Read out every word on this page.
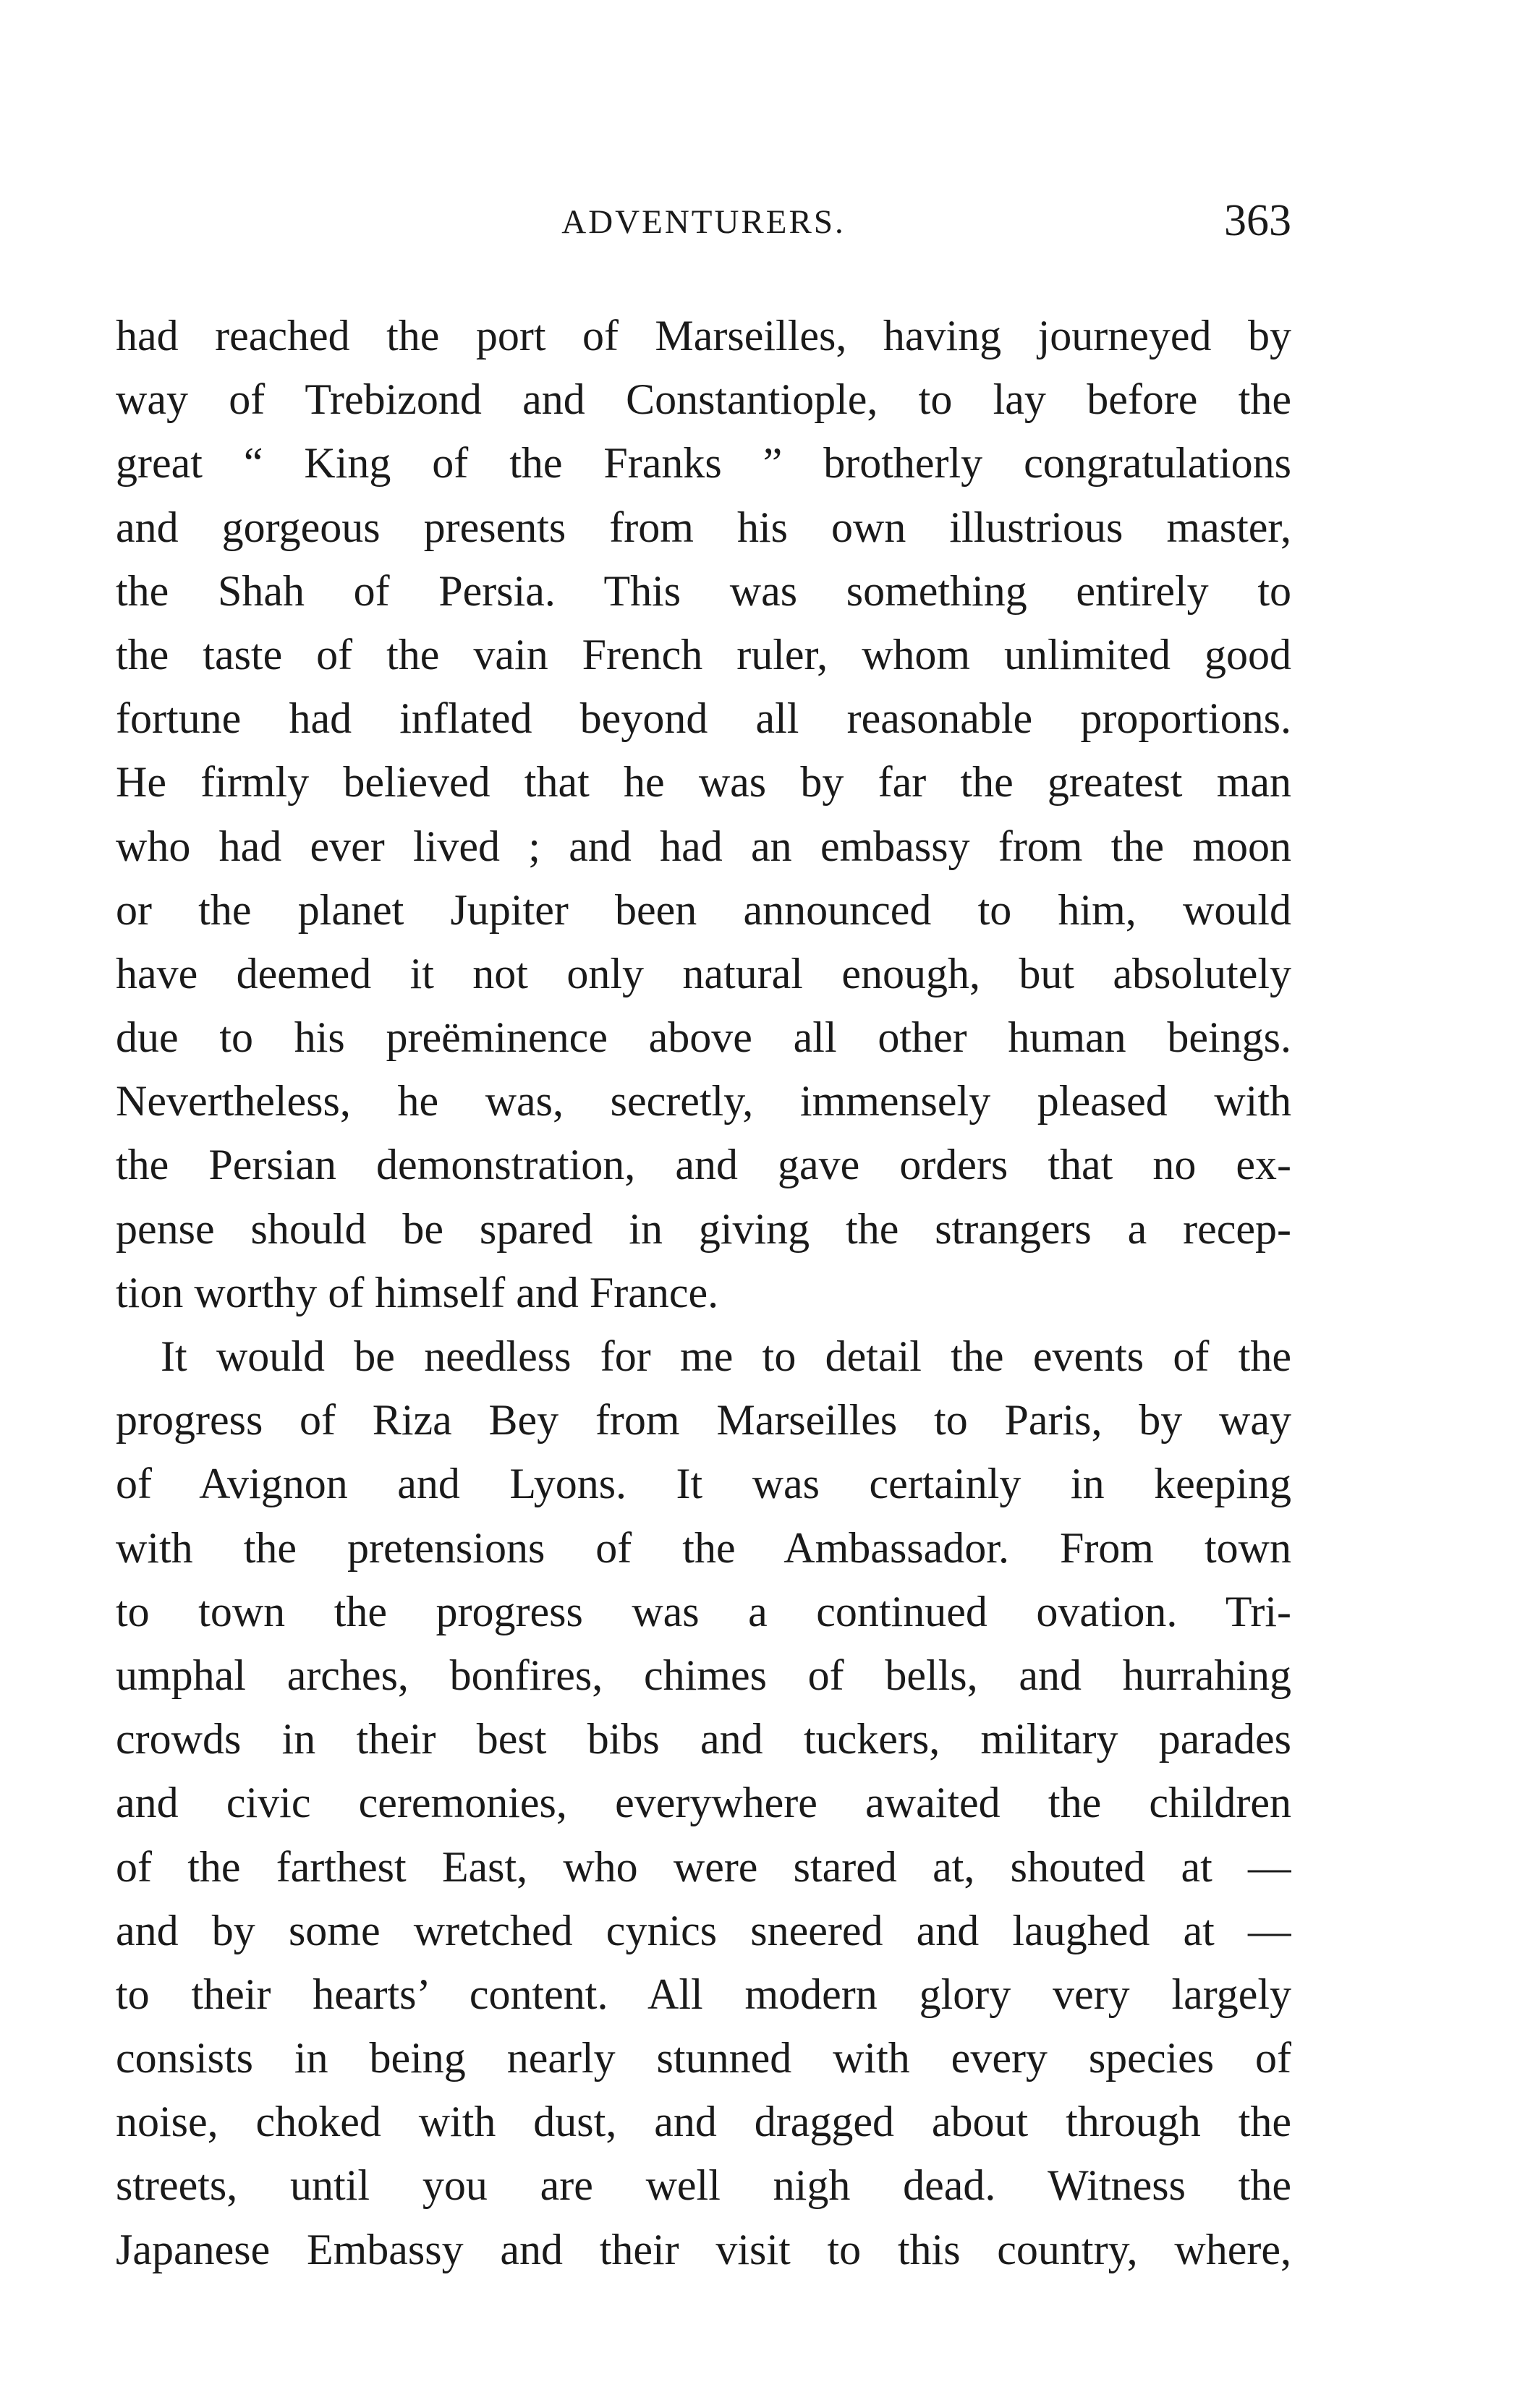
ADVENTURERS.	363
had reached the port of Marseilles, having journeyed by
way of Trebizond and Constantiople, to lay before the
great “ King of the Franks ” brotherly congratulations
and gorgeous presents from his own illustrious master,
the Shah of Persia. This was something entirely to
the taste of the vain French ruler, whom unlimited good
fortune had inflated beyond all reasonable proportions.
He firmly believed that he was by far the greatest man
who had ever lived ; and had an embassy from the moon
or the planet Jupiter been announced to him, would
have deemed it not only natural enough, but absolutely
due to his preëminence above all other human beings.
Nevertheless, he was, secretly, immensely pleased with
the Persian demonstration, and gave orders that no ex-
pense should be spared in giving the strangers a recep-
tion worthy of himself and France.
It would be needless for me to detail the events of the
progress of Riza Bey from Marseilles to Paris, by way
of Avignon and Lyons. It was certainly in keeping
with the pretensions of the Ambassador. From town
to town the progress was a continued ovation. Tri-
umphal arches, bonfires, chimes of bells, and hurrahing
crowds in their best bibs and tuckers, military parades
and civic ceremonies, everywhere awaited the children
of the farthest East, who were stared at, shouted at —
and by some wretched cynics sneered and laughed at —
to their hearts’ content. All modern glory very largely
consists in being nearly stunned with every species of
noise, choked with dust, and dragged about through the
streets, until you are well nigh dead. Witness the
Japanese Embassy and their visit to this country, where,
